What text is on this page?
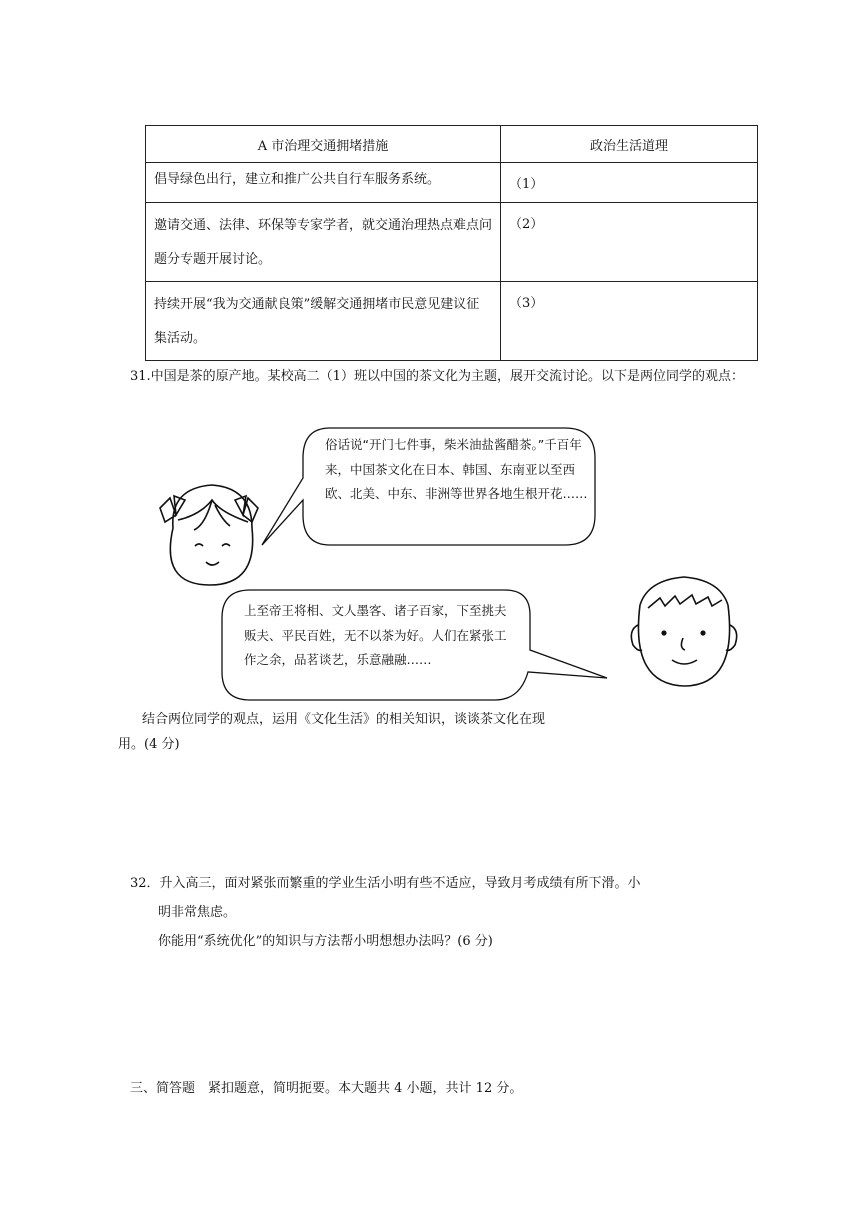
A 市治理交通拥堵措施	政治生活道理
倡导绿色出行，建立和推广公共自行车服务系统。	（1）
邀请交通、法律、环保等专家学者，就交通治理热点难点问题分专题开展讨论。	（2）
持续开展“我为交通献良策”缓解交通拥堵市民意见建议征集活动。	（3）
31.中国是茶的原产地。某校高二（1）班以中国的茶文化为主题，展开交流讨论。以下是两位同学的观点：
俗话说“开门七件事，柴米油盐酱醋茶。”千百年来，中国茶文化在日本、韩国、东南亚以至西欧、北美、中东、非洲等世界各地生根开花……
上至帝王将相、文人墨客、诸子百家，下至挑夫贩夫、平民百姓，无不以茶为好。人们在紧张工作之余，品茗谈艺，乐意融融……
结合两位同学的观点，运用《文化生活》的相关知识，谈谈茶文化在现
用。(4 分)
32．升入高三，面对紧张而繁重的学业生活小明有些不适应，导致月考成绩有所下滑。小

明非常焦虑。
你能用“系统优化”的知识与方法帮小明想想办法吗？(6 分)
三、简答题　紧扣题意，简明扼要。本大题共 4 小题，共计 12 分。
